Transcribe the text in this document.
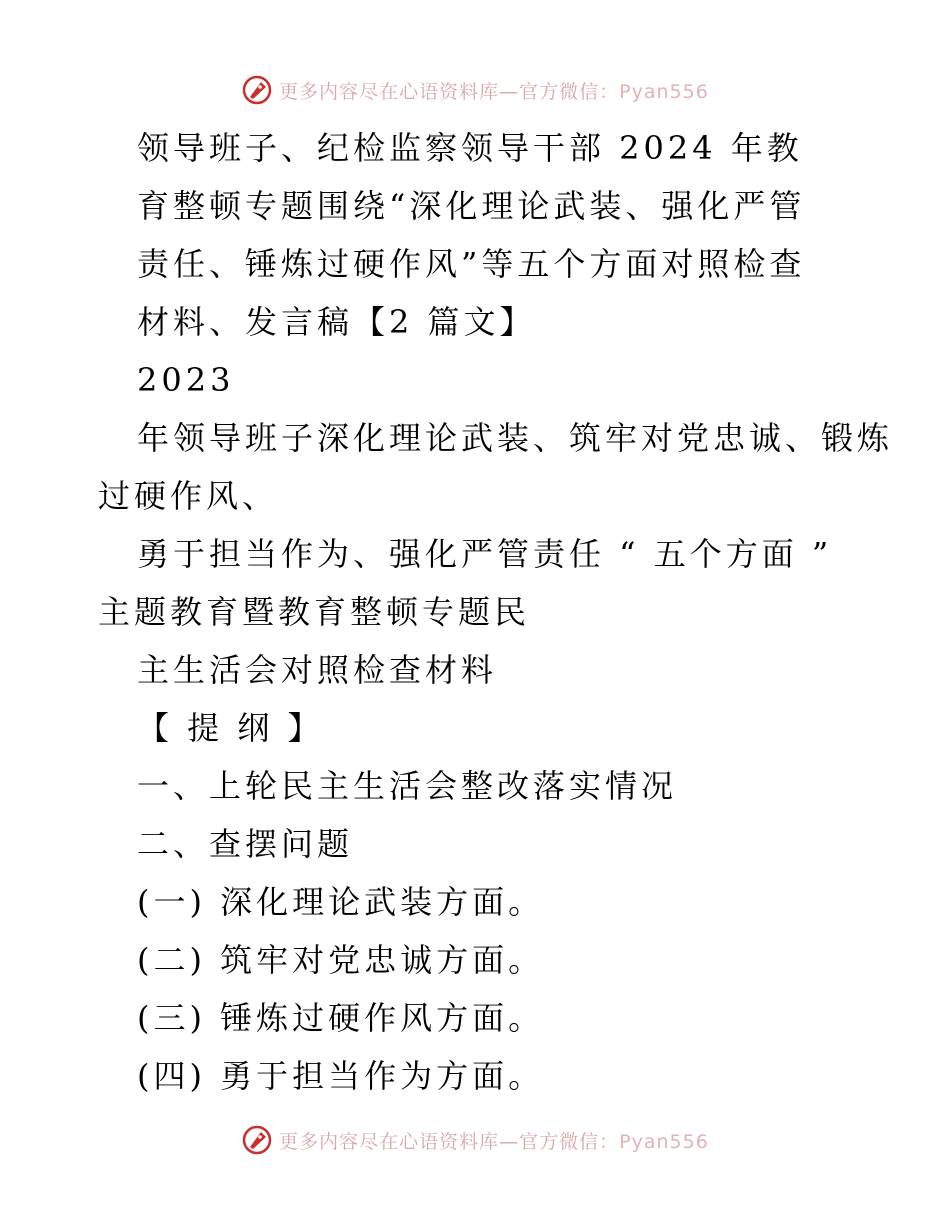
更多内容尽在心语资料库—官方微信：Pyan556
领导班子、纪检监察领导干部 2024 年教
育整顿专题围绕“深化理论武装、强化严管
责任、锤炼过硬作风”等五个方面对照检查
材料、发言稿【2 篇文】
2023
年领导班子深化理论武装、筑牢对党忠诚、锻炼
过硬作风、
勇于担当作为、强化严管责任 “ 五个方面 ”
主题教育暨教育整顿专题民
主生活会对照检查材料
【 提 纲 】
一、上轮民主生活会整改落实情况
二、查摆问题
(一) 深化理论武装方面。
(二) 筑牢对党忠诚方面。
(三) 锤炼过硬作风方面。
(四) 勇于担当作为方面。
更多内容尽在心语资料库—官方微信：Pyan556
